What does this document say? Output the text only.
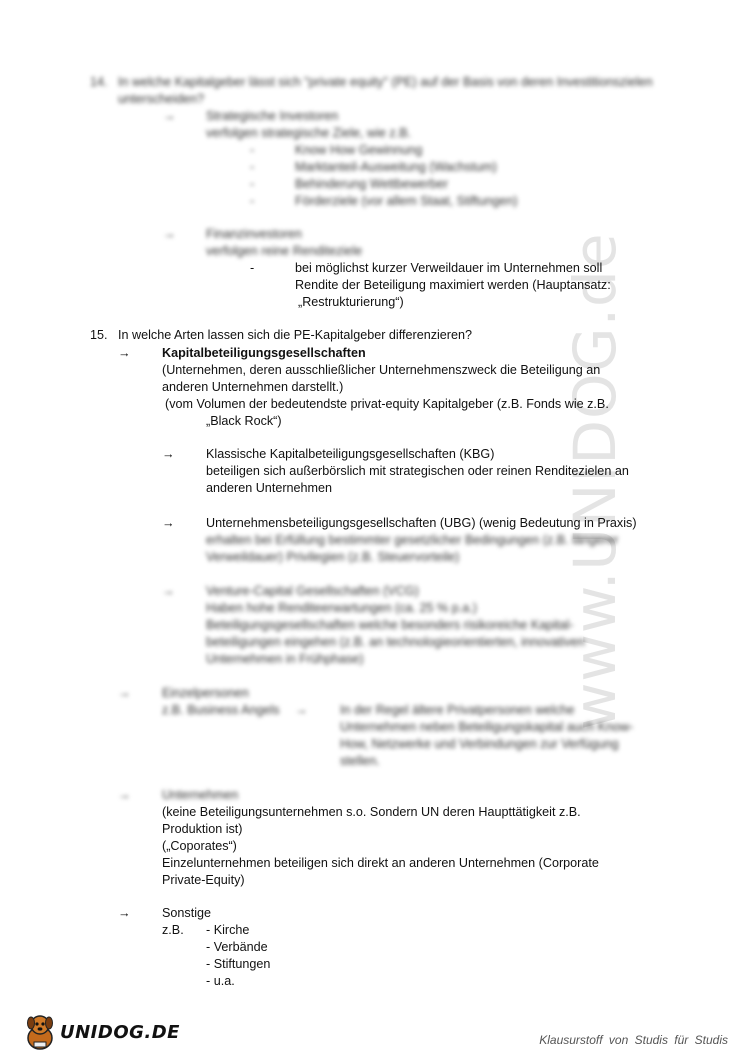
www.UNIDOG.de
14. In welche Kapitalgeber lässt sich "private equity" (PE) auf der Basis von deren Investitionszielen
unterscheiden?
→ Strategische Investoren
verfolgen strategische Ziele, wie z.B.
-	Know How Gewinnung
-	Marktanteil-Ausweitung (Wachstum)
-	Behinderung Wettbewerber
-	Förderziele (vor allem Staat, Stiftungen)
→ Finanzinvestoren
verfolgen reine Renditeziele
-	bei möglichst kurzer Verweildauer im Unternehmen soll
Rendite der Beteiligung maximiert werden (Hauptansatz:
„Restrukturierung“)
15. In welche Arten lassen sich die PE-Kapitalgeber differenzieren?
→ Kapitalbeteiligungsgesellschaften
(Unternehmen, deren ausschließlicher Unternehmenszweck die Beteiligung an
anderen Unternehmen darstellt.)
(vom Volumen der bedeutendste privat-equity Kapitalgeber (z.B. Fonds wie z.B.
„Black Rock“)
→ Klassische Kapitalbeteiligungsgesellschaften (KBG)
beteiligen sich außerbörslich mit strategischen oder reinen Renditezielen an
anderen Unternehmen
→ Unternehmensbeteiligungsgesellschaften (UBG) (wenig Bedeutung in Praxis)
erhalten bei Erfüllung bestimmter gesetzlicher Bedingungen (z.B. längerer
Verweildauer) Privilegien (z.B. Steuervorteile)
→ Venture-Capital Gesellschaften (VCG)
Haben hohe Renditeerwartungen (ca. 25 % p.a.)
Beteiligungsgesellschaften welche besonders risikoreiche Kapital-
beteiligungen eingehen (z.B. an technologieorientierten, innovativen
Unternehmen in Frühphase)
→ Einzelpersonen
z.B. Business Angels →	In der Regel ältere Privatpersonen welche
Unternehmen neben Beteiligungskapital auch Know-
How, Netzwerke und Verbindungen zur Verfügung
stellen.
→ Unternehmen
(keine Beteiligungsunternehmen s.o. Sondern UN deren Haupttätigkeit z.B.
Produktion ist)
(„Coporates“)
Einzelunternehmen beteiligen sich direkt an anderen Unternehmen (Corporate
Private-Equity)
→ Sonstige
z.B. - Kirche
- Verbände
- Stiftungen
- u.a.
UNIDOG.DE	Klausurstoff von Studis für Studis
